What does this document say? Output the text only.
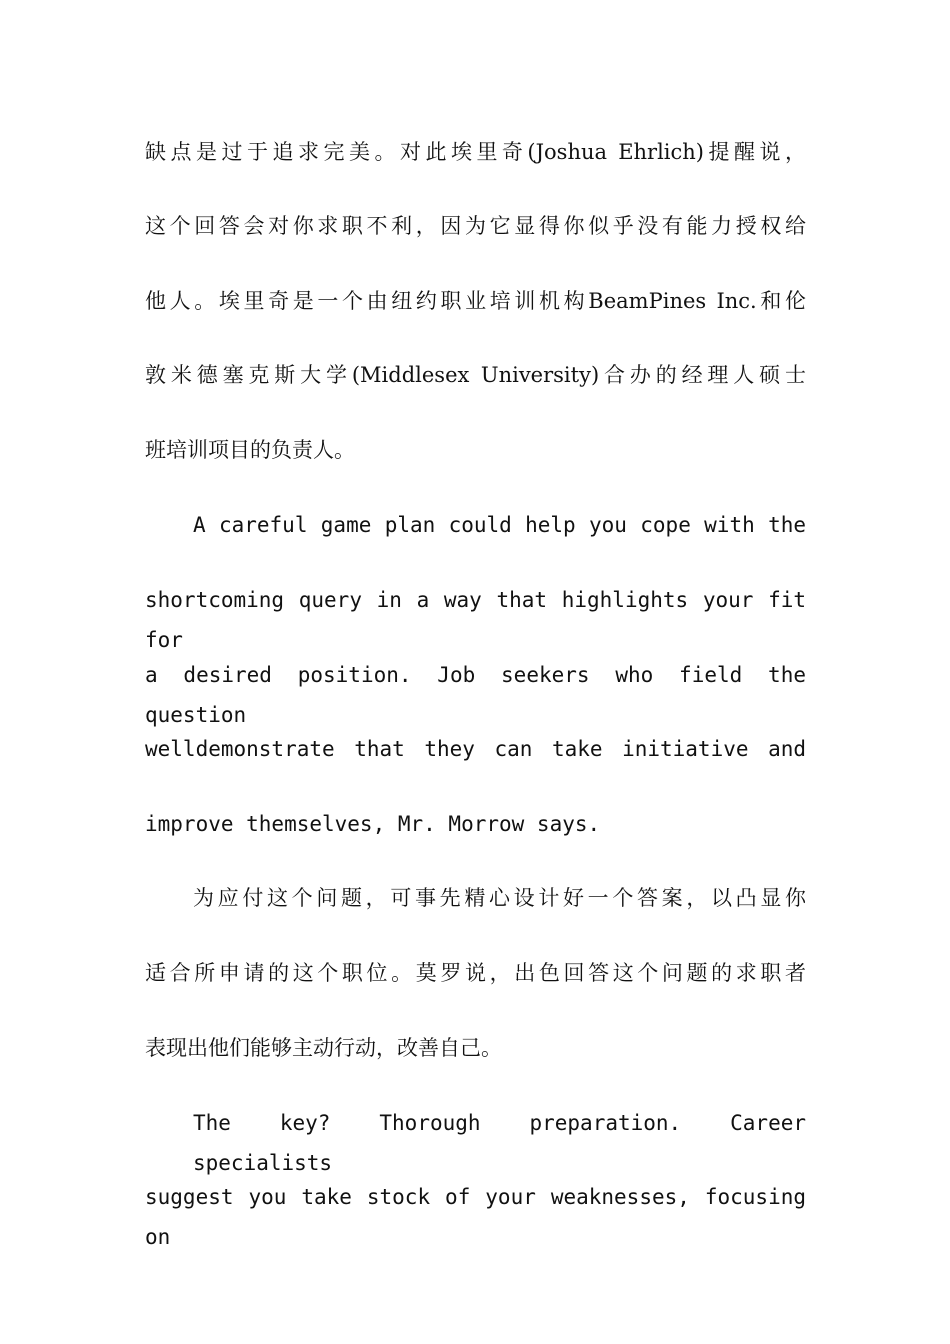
缺点是过于追求完美。对此埃里奇(Joshua Ehrlich)提醒说，
这个回答会对你求职不利，因为它显得你似乎没有能力授权给
他人。埃里奇是一个由纽约职业培训机构BeamPines Inc.和伦
敦米德塞克斯大学(Middlesex University)合办的经理人硕士
班培训项目的负责人。
A careful game plan could help you cope with the
shortcoming query in a way that highlights your fit for
a desired position. Job seekers who field the question
welldemonstrate that they can take initiative and
improve themselves, Mr. Morrow says.
为应付这个问题，可事先精心设计好一个答案，以凸显你
适合所申请的这个职位。莫罗说，出色回答这个问题的求职者
表现出他们能够主动行动，改善自己。
The key? Thorough preparation. Career specialists
suggest you take stock of your weaknesses, focusing on
